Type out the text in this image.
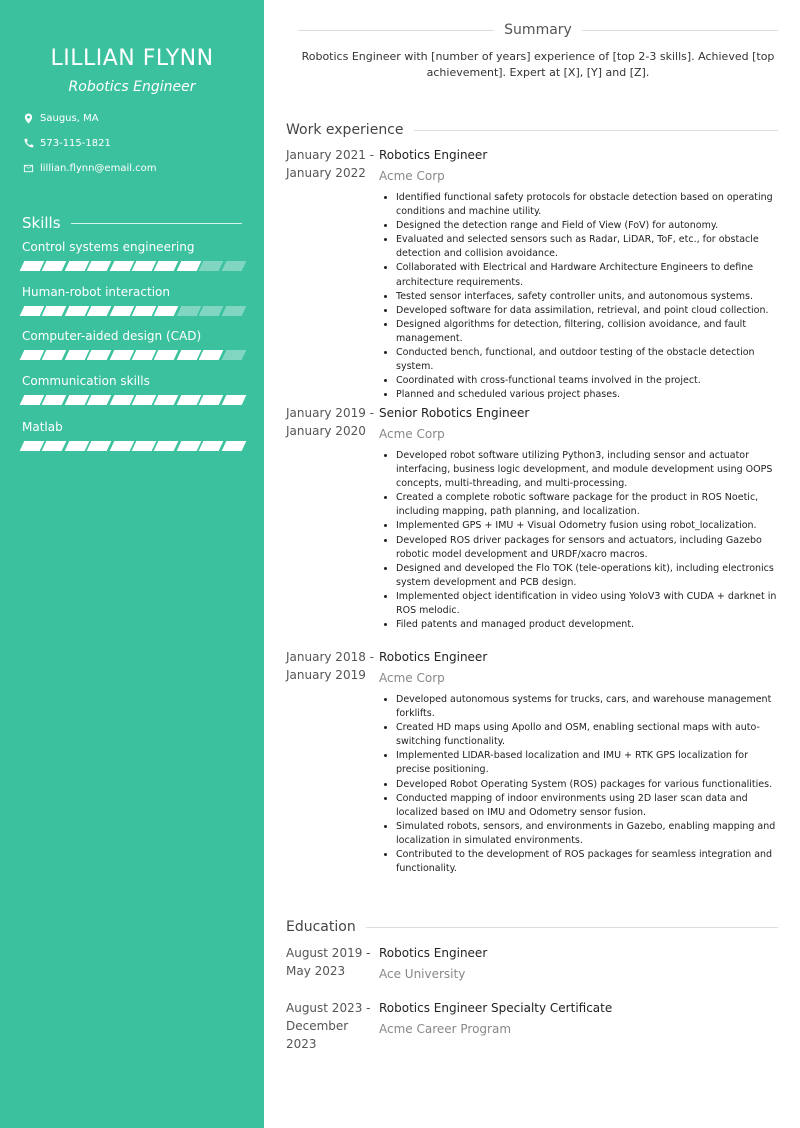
LILLIAN FLYNN
Robotics Engineer
Saugus, MA
573-115-1821
lillian.flynn@email.com
Skills
Control systems engineering
Human-robot interaction
Computer-aided design (CAD)
Communication skills
Matlab
Summary
Robotics Engineer with [number of years] experience of [top 2-3 skills]. Achieved [top achievement]. Expert at [X], [Y] and [Z].
Work experience
January 2021 -
January 2022
Robotics Engineer
Acme Corp
• Identified functional safety protocols for obstacle detection based on operating conditions and machine utility.
• Designed the detection range and Field of View (FoV) for autonomy.
• Evaluated and selected sensors such as Radar, LiDAR, ToF, etc., for obstacle detection and collision avoidance.
• Collaborated with Electrical and Hardware Architecture Engineers to define architecture requirements.
• Tested sensor interfaces, safety controller units, and autonomous systems.
• Developed software for data assimilation, retrieval, and point cloud collection.
• Designed algorithms for detection, filtering, collision avoidance, and fault management.
• Conducted bench, functional, and outdoor testing of the obstacle detection system.
• Coordinated with cross-functional teams involved in the project.
• Planned and scheduled various project phases.
January 2019 -
January 2020
Senior Robotics Engineer
Acme Corp
• Developed robot software utilizing Python3, including sensor and actuator interfacing, business logic development, and module development using OOPS concepts, multi-threading, and multi-processing.
• Created a complete robotic software package for the product in ROS Noetic, including mapping, path planning, and localization.
• Implemented GPS + IMU + Visual Odometry fusion using robot_localization.
• Developed ROS driver packages for sensors and actuators, including Gazebo robotic model development and URDF/xacro macros.
• Designed and developed the Flo TOK (tele-operations kit), including electronics system development and PCB design.
• Implemented object identification in video using YoloV3 with CUDA + darknet in ROS melodic.
• Filed patents and managed product development.
January 2018 -
January 2019
Robotics Engineer
Acme Corp
• Developed autonomous systems for trucks, cars, and warehouse management forklifts.
• Created HD maps using Apollo and OSM, enabling sectional maps with auto-switching functionality.
• Implemented LIDAR-based localization and IMU + RTK GPS localization for precise positioning.
• Developed Robot Operating System (ROS) packages for various functionalities.
• Conducted mapping of indoor environments using 2D laser scan data and localized based on IMU and Odometry sensor fusion.
• Simulated robots, sensors, and environments in Gazebo, enabling mapping and localization in simulated environments.
• Contributed to the development of ROS packages for seamless integration and functionality.
Education
August 2019 -
May 2023
Robotics Engineer
Ace University
August 2023 -
December 2023
Robotics Engineer Specialty Certificate
Acme Career Program
